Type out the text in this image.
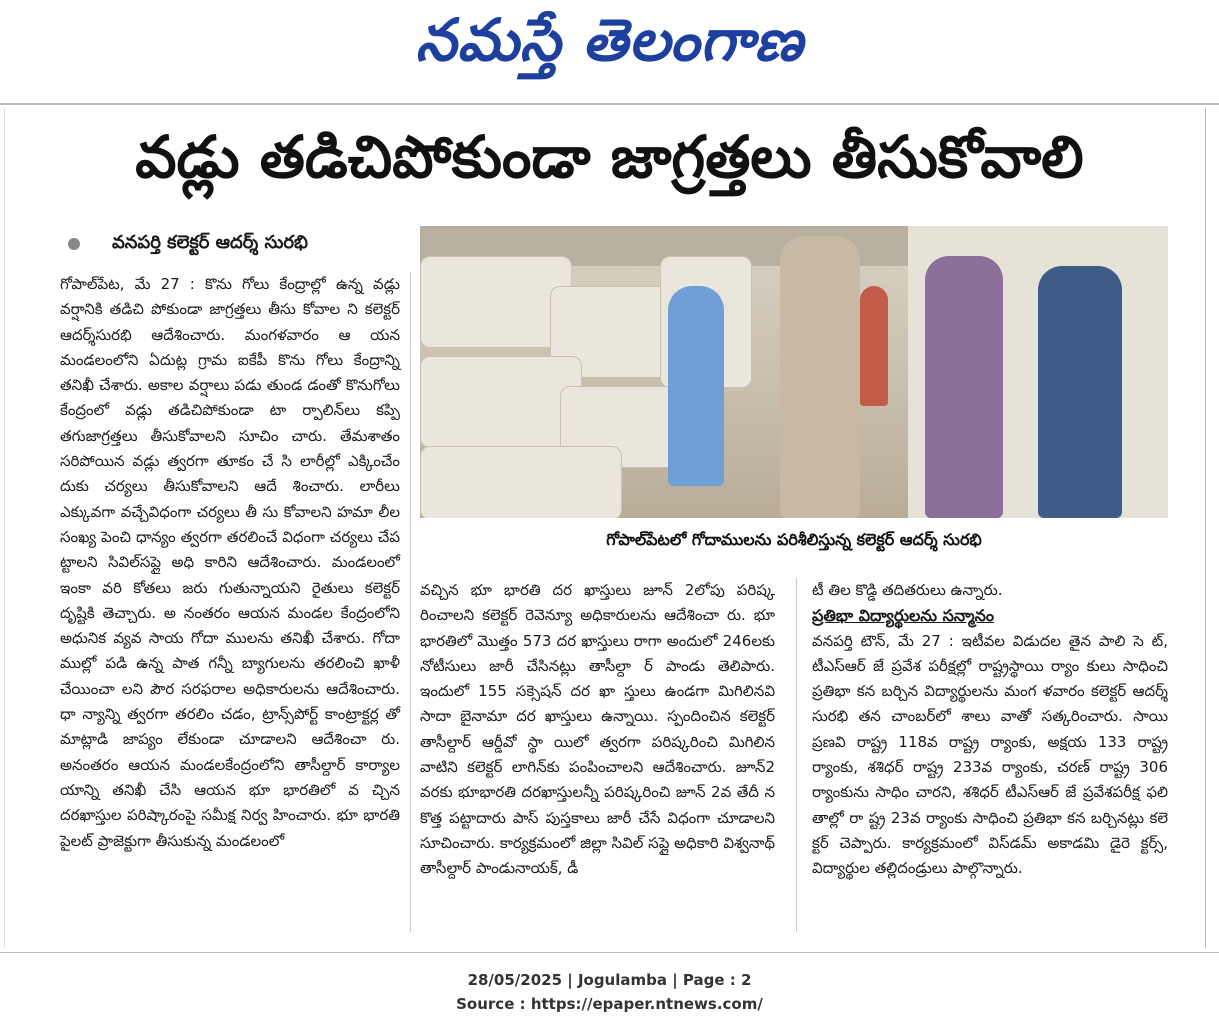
నమస్తే తెలంగాణ
వడ్లు తడిచిపోకుండా జాగ్రత్తలు తీసుకోవాలి
వనపర్తి కలెక్టర్ ఆదర్శ్ సురభి
గోపాల్‌పేటలో గోదాములను పరిశీలిస్తున్న కలెక్టర్ ఆదర్శ్ సురభి

గోపాల్‌పేట, మే 27 : కొను గోలు కేంద్రాల్లో ఉన్న వడ్లు వర్షానికి తడిచి పోకుండా జాగ్రత్తలు తీసు కోవాల ని కలెక్టర్ ఆదర్శ్‌సురభి ఆదేశించారు. మంగళవారం ఆ యన మండలంలోని ఏదుట్ల గ్రామ ఐకేపీ కొను గోలు కేంద్రాన్ని తనిఖీ చేశారు. అకాల వర్షాలు పడు తుండ డంతో కొనుగోలు కేంద్రంలో వడ్లు తడిచిపోకుండా టా ర్పాలిన్‌లు కప్పి తగుజాగ్రత్తలు తీసుకోవాలని సూచిం చారు. తేమశాతం సరిపోయిన వడ్లు త్వరగా తూకం చే సి లారీల్లో ఎక్కించేం దుకు చర్యలు తీసుకోవాలని ఆదే శించారు. లారీలు ఎక్కువగా వచ్చేవిధంగా చర్యలు తీ సు కోవాలని హమా లీల సంఖ్య పెంచి ధాన్యం త్వరగా తరలించే విధంగా చర్యలు చేప ట్టాలని సివిల్‌సప్లై అధి కారిని ఆదేశించారు. మండలంలో ఇంకా వరి కోతలు జరు గుతున్నాయని రైతులు కలెక్టర్ దృష్టికి తెచ్చారు. అ నంతరం ఆయన మండల కేంద్రంలోని అధునిక వ్యవ సాయ గోదా ములను తనిఖీ చేశారు. గోదా ముల్లో పడి ఉన్న పాత గన్నీ బ్యాగులను తరలించి ఖాళీ చేయించా లని పౌర సరఫరాల అధికారులను ఆదేశించారు. ధా న్యాన్ని త్వరగా తరలిం చడం, ట్రాన్స్‌పోర్ట్ కాంట్రాక్టర్ల తో మాట్లాడి జాప్యం లేకుండా చూడాలని ఆదేశించా రు. అనంతరం ఆయన మండలకేంద్రంలోని తాసీల్దార్ కార్యాల యాన్ని తనిఖీ చేసి ఆయన భూ భారతిలో వ చ్చిన దరఖాస్తుల పరిష్కారంపై సమీక్ష నిర్వ హించారు. భూ భారతి పైలట్ ప్రాజెక్టుగా తీసుకున్న మండలంలో

వచ్చిన భూ భారతి దర ఖాస్తులు జూన్ 2లోపు పరిష్క రించాలని కలెక్టర్ రెవెన్యూ అధికారులను ఆదేశించా రు. భూ భారతిలో మొత్తం 573 దర ఖాస్తులు రాగా అందులో 246లకు నోటీసులు జారీ చేసినట్లు తాసీల్దా ర్ పాండు తెలిపారు. ఇందులో 155 సక్సెషన్ దర ఖా స్తులు ఉండగా మిగిలినవి సాదా బైనామా దర ఖాస్తులు ఉన్నాయి. స్పందించిన కలెక్టర్ తాసీల్దార్ ఆర్డీవో స్థా యిలో త్వరగా పరిష్కరించి మిగిలిన వాటిని కలెక్టర్ లాగిన్‌కు పంపించాలని ఆదేశించారు. జూన్2 వరకు భూభారతి దరఖాస్తులన్నీ పరిష్కరించి జూన్ 2వ తేదీ న కొత్త పట్టాదారు పాస్ పుస్తకాలు జారీ చేసే విధంగా చూడాలని సూచించారు. కార్యక్రమంలో జిల్లా సివిల్ సప్లై అధికారి విశ్వనాథ్ తాసీల్దార్ పాండునాయక్, డీ

టీ తిల కొడ్డి తదితరులు ఉన్నారు.

ప్రతిభా విద్యార్థులను సన్మానం

వనపర్తి టౌన్, మే 27 : ఇటీవల విడుదల తైన పాలి సె ట్, టీఎస్‌ఆర్ జే ప్రవేశ పరీక్షల్లో రాష్ట్రస్థాయి ర్యాం కులు సాధించి ప్రతిభా కన బర్చిన విద్యార్థులను మంగ ళవారం కలెక్టర్ ఆదర్శ్ సురభి తన చాంబర్‌లో శాలు వాతో సత్కరించారు. సాయి ప్రణవి రాష్ట్ర 118వ రాష్ట్ర ర్యాంకు, అక్షయ 133 రాష్ట్ర ర్యాంకు, శశిధర్ రాష్ట్ర 233వ ర్యాంకు, చరణ్ రాష్ట్ర 306 ర్యాంకును సాధిం చారని, శశిధర్ టీఎస్‌ఆర్ జే ప్రవేశపరీక్ష ఫలి తాల్లో రా ష్ట్ర 23వ ర్యాంకు సాధించి ప్రతిభా కన బర్చినట్లు కలె క్టర్ చెప్పారు. కార్యక్రమంలో విస్‌డమ్ అకాడమి డైరె క్టర్స్, విద్యార్థుల తల్లిదండ్రులు పాల్గొన్నారు.

28/05/2025 | Jogulamba | Page : 2
Source : https://epaper.ntnews.com/
